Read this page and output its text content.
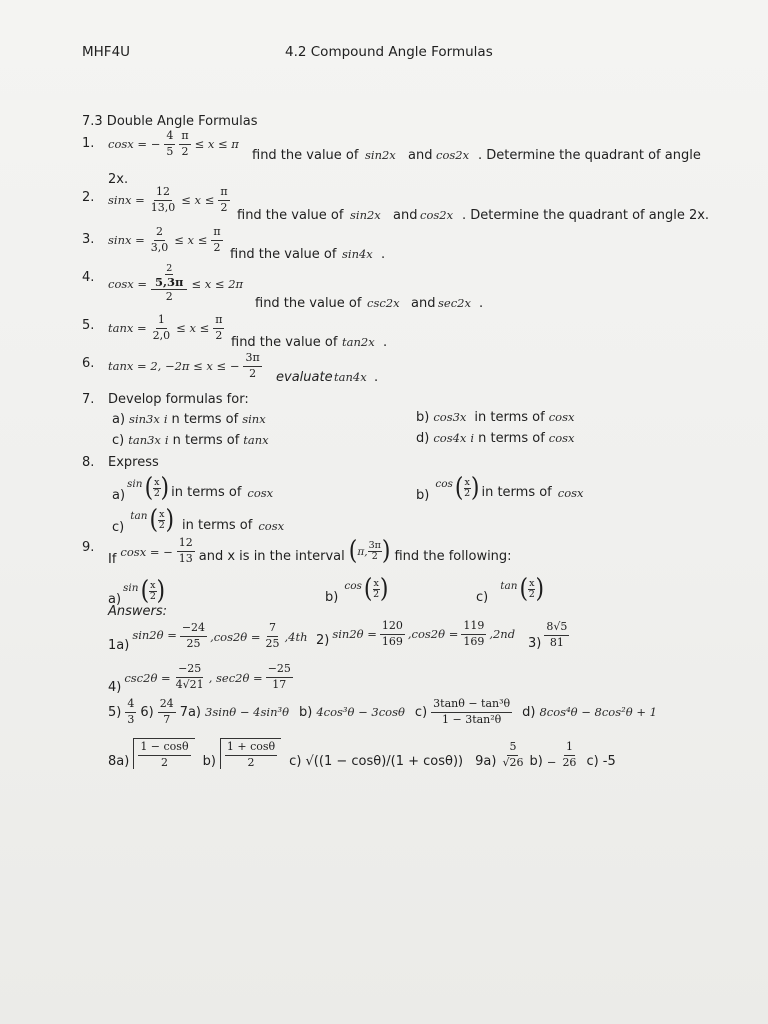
MHF4U	4.2 Compound Angle Formulas
7.3 Double Angle Formulas
1. cosx = − $\frac{4}{5} \frac{\pi}{2} \le x \le \pi$
find the value of sin2x and cos2x . Determine the quadrant of angle
2x.
2. $\sin x = \frac{12}{13,0} \le x \le \frac{\pi}{2}$
find the value of sin2x and cos2x . Determine the quadrant of angle 2x.
3. $\sin x = \frac{2}{3,0} \le x \le \frac{\pi}{2}$
find the value of sin4x .
4. $\cos x = \frac{\frac{2}{5,3\pi}}{2} \le x \le 2\pi$
find the value of csc2x and sec2x .
5. $\tan x = \frac{1}{2,0} \le x \le \frac{\pi}{2}$
find the value of tan2x .
6. tanx = 2, −2π ≤ x ≤ − $\frac{3\pi}{2}$ evaluate tan4x .
7. Develop formulas for:
a) sin3x i n terms of sinx	b) cos3x in terms of cosx
c) tan3x i n terms of tanx	d) cos4x i n terms of cosx
8. Express
a)
sin ( $\frac{x}{2}$ ) in terms of cosx	b)
cos ( $\frac{x}{2}$ ) in terms of cosx
c)
tan ( $\frac{x}{2}$ ) in terms of cosx
9.
If
cosx = − $\frac{12}{13}$ and x is in the interval ( π, $\frac{3\pi}{2}$ ) find the following:
a)
sin ( $\frac{x}{2}$ )	b)
cos ( $\frac{x}{2}$ )	c)
tan ( $\frac{x}{2}$ )
Answers:
1a)
$\sin 2\theta = \frac{-24}{25} ,\cos 2\theta = \frac{7}{25} ,4th$ 2) $\sin 2\theta = \frac{120}{169} ,\cos 2\theta = \frac{119}{169} ,2nd$
$3) \frac{8√5}{81}$
4)
$\csc 2\theta = \frac{-25}{4√21}$ , $\sec 2\theta = \frac{-25}{17}$
$5) \frac{4}{3} 6) \frac{24}{7} 7a$) 3sinθ − 4sin³θ b) 4cos³θ − 3cosθ $c) \frac{\text{3tanθ − tan³θ}}{\text{1 − 3tan²θ}} d$) 8cos⁴θ − 8cos²θ + 1
$8a) \frac{1 - \cos\theta}{2} b) \frac{1 + \cos\theta}{2} c$) √((1 − cosθ)/(1 + cosθ)) $9a) \frac{5}{√26} b) - \frac{1}{26} c$) -5
